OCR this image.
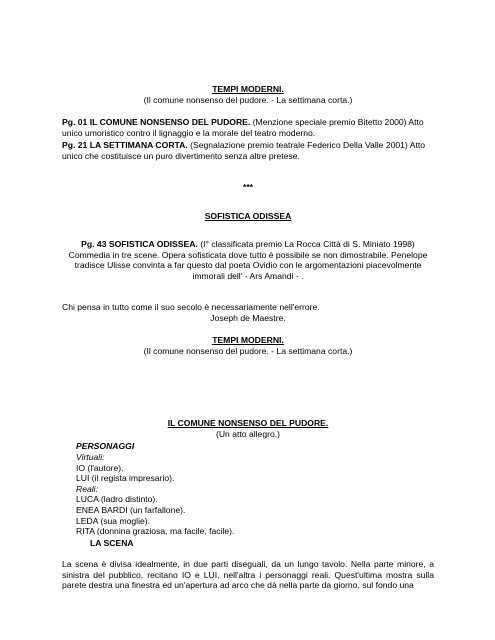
TEMPI MODERNI.

(Il comune nonsenso del pudore. - La settimana corta.)

Pg. 01 IL COMUNE NONSENSO DEL PUDORE. (Menzione speciale premio Bitetto 2000) Atto unico umoristico contro il lignaggio e la morale del teatro moderno.

Pg. 21 LA SETTIMANA CORTA. (Segnalazione premio teatrale Federico Della Valle 2001) Atto unico che costituisce un puro divertimento senza altre pretese.

***

SOFISTICA ODISSEA

Pg. 43 SOFISTICA ODISSEA. (I° classificata premio La Rocca Città di S. Miniato 1998) Commedia in tre scene. Opera sofisticata dove tutto è possibile se non dimostrabile. Penelope tradisce Ulisse convinta a far questo dal poeta Ovidio con le argomentazioni piacevolmente immorali dell' - Ars Amandi - .

Chi pensa in tutto come il suo secolo è necessariamente nell'errore.

Joseph de Maestre.

TEMPI MODERNI.

(Il comune nonsenso del pudore. - La settimana corta.)

IL COMUNE NONSENSO DEL PUDORE.

(Un atto allegro.)

PERSONAGGI

Virtuali:

IO (l'autore).

LUI (il regista impresario).

Reali:

LUCA (ladro distinto).

ENEA BARDI (un farfallone).

LEDA (sua moglie).

RITA (donnina graziosa, ma facile, facile).

LA SCENA

La scena è divisa idealmente, in due parti diseguali, da un lungo tavolo. Nella parte minore, a sinistra del pubblico, recitano IO e LUI, nell'altra i personaggi reali. Quest'ultima mostra sulla parete destra una finestra ed un'apertura ad arco che dà nella parte da giorno, sul fondo una
